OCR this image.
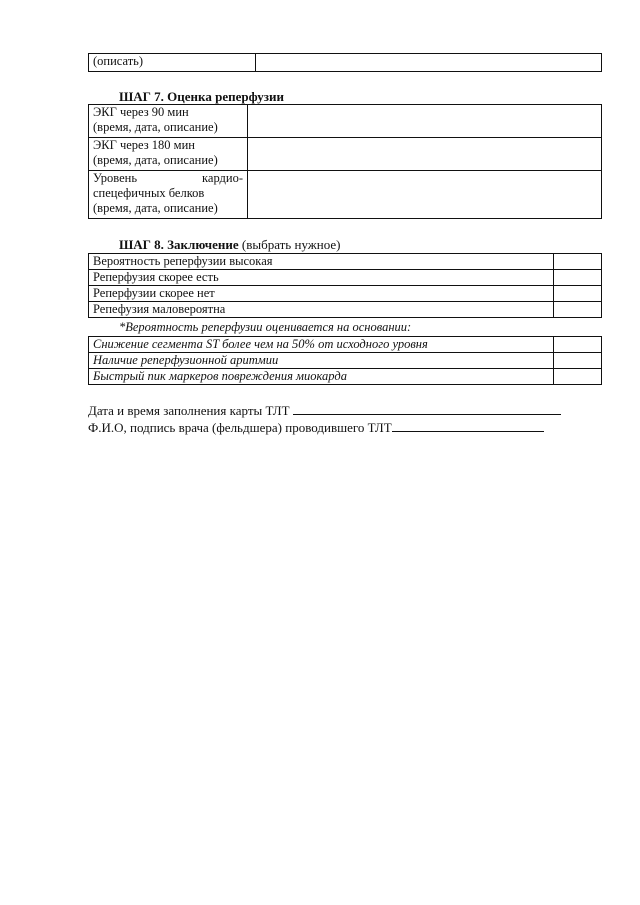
(описать)	
ШАГ 7. Оценка реперфузии
ЭКГ через 90 мин
(время, дата, описание)	

ЭКГ через 180 мин
(время, дата, описание)	

Уровень кардио-
спецефичных белков
(время, дата, описание)	

ШАГ 8. Заключение (выбрать нужное)
Вероятность реперфузии высокая	
Реперфузия скорее есть	
Реперфузии скорее нет	
Репефузия маловероятна	
*Вероятность реперфузии оценивается на основании:
Снижение сегмента ST более чем на 50% от исходного уровня	
Наличие реперфузионной аритмии	
Быстрый пик маркеров повреждения миокарда	
Дата и время заполнения карты ТЛТ
Ф.И.О, подпись врача (фельдшера) проводившего ТЛТ
